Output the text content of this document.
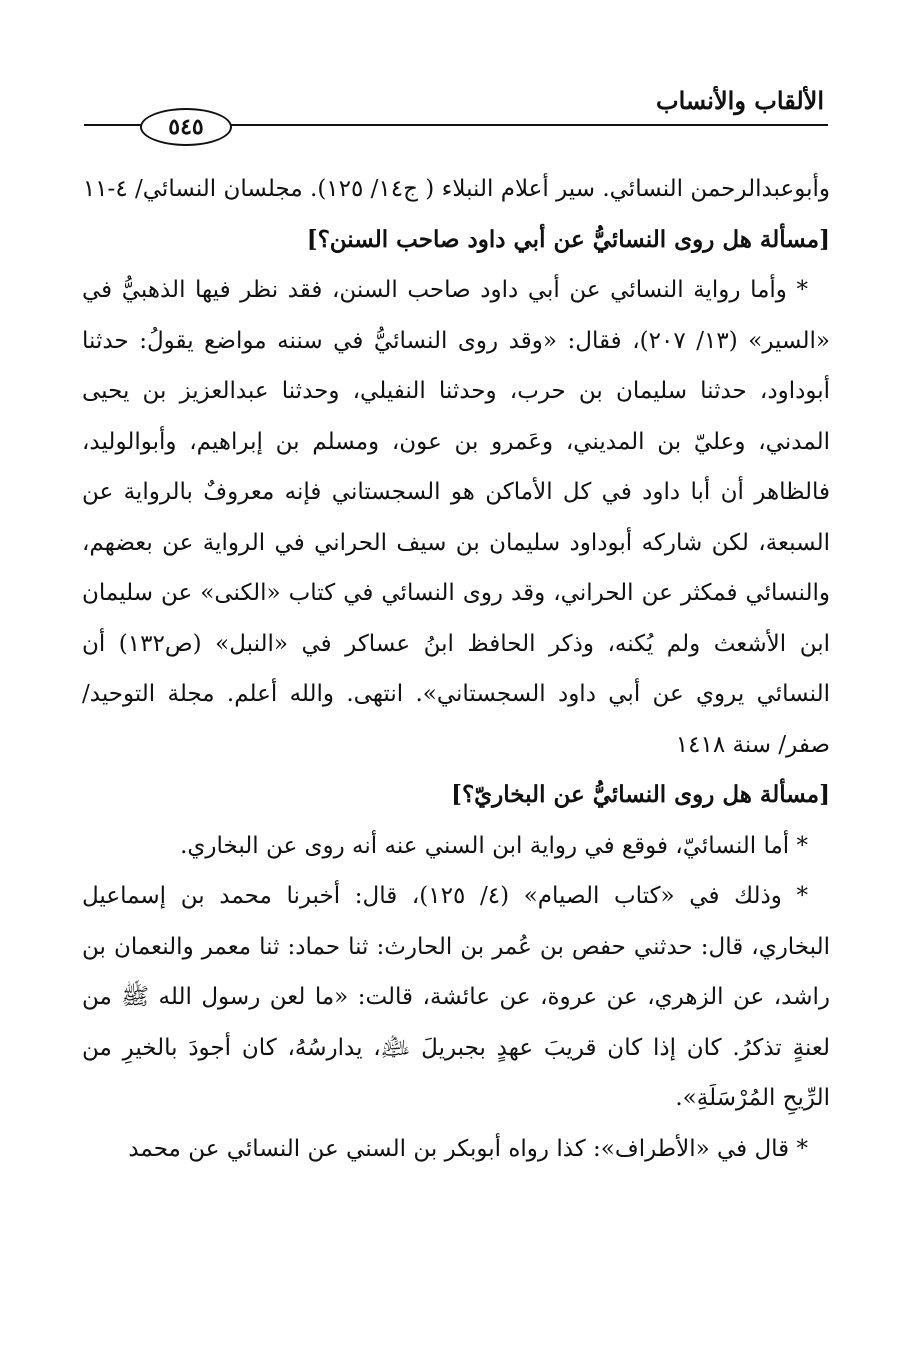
الألقاب والأنساب
٥٤٥

وأبوعبدالرحمن النسائي. سير أعلام النبلاء ( ج١٤/ ١٢٥). مجلسان النسائي/ ٤-١١

[مسألة هل روى النسائيُّ عن أبي داود صاحب السنن؟]

* وأما رواية النسائي عن أبي داود صاحب السنن، فقد نظر فيها الذهبيُّ في «السير» (١٣/ ٢٠٧)، فقال: «وقد روى النسائيُّ في سننه مواضع يقولُ: حدثنا أبوداود، حدثنا سليمان بن حرب، وحدثنا النفيلي، وحدثنا عبدالعزيز بن يحيى المدني، وعليّ بن المديني، وعَمرو بن عون، ومسلم بن إبراهيم، وأبوالوليد، فالظاهر أن أبا داود في كل الأماكن هو السجستاني فإنه معروفٌ بالرواية عن السبعة، لكن شاركه أبوداود سليمان بن سيف الحراني في الرواية عن بعضهم، والنسائي فمكثر عن الحراني، وقد روى النسائي في كتاب «الكنى» عن سليمان ابن الأشعث ولم يُكنه، وذكر الحافظ ابنُ عساكر في «النبل» (ص١٣٢) أن النسائي يروي عن أبي داود السجستاني». انتهى. والله أعلم. مجلة التوحيد/ صفر/ سنة ١٤١٨

[مسألة هل روى النسائيُّ عن البخاريّ؟]

* أما النسائيّ، فوقع في رواية ابن السني عنه أنه روى عن البخاري.

* وذلك في «كتاب الصيام» (٤/ ١٢٥)، قال: أخبرنا محمد بن إسماعيل البخاري، قال: حدثني حفص بن عُمر بن الحارث: ثنا حماد: ثنا معمر والنعمان بن راشد، عن الزهري، عن عروة، عن عائشة، قالت: «ما لعن رسول الله ﷺ من لعنةٍ تذكرُ. كان إذا كان قريبَ عهدٍ بجبريلَ ﵇، يدارسُهُ، كان أجودَ بالخيرِ من الرِّيحِ المُرْسَلَةِ».

* قال في «الأطراف»: كذا رواه أبوبكر بن السني عن النسائي عن محمد
